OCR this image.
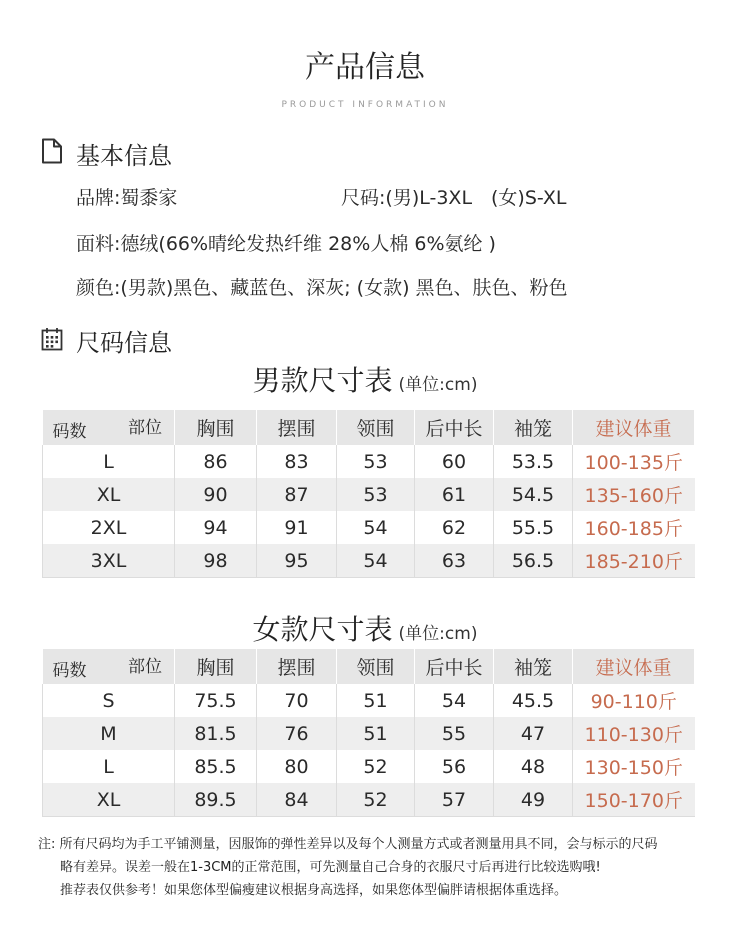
产品信息
PRODUCT INFORMATION
基本信息
品牌:蜀黍家	尺码:(男)L-3XL　(女)S-XL
面料:德绒(66%晴纶发热纤维 28%人棉 6%氨纶 )
颜色:(男款)黑色、藏蓝色、深灰; (女款) 黑色、肤色、粉色
尺码信息
男款尺寸表 (单位:cm)
部位
码数	胸围	摆围	领围	后中长	袖笼	建议体重
L	86	83	53	60	53.5	100-135斤
XL	90	87	53	61	54.5	135-160斤
2XL	94	91	54	62	55.5	160-185斤
3XL	98	95	54	63	56.5	185-210斤
女款尺寸表 (单位:cm)
部位
码数	胸围	摆围	领围	后中长	袖笼	建议体重
S	75.5	70	51	54	45.5	90-110斤
M	81.5	76	51	55	47	110-130斤
L	85.5	80	52	56	48	130-150斤
XL	89.5	84	52	57	49	150-170斤
注: 所有尺码均为手工平铺测量，因服饰的弹性差异以及每个人测量方式或者测量用具不同，会与标示的尺码
略有差异。误差一般在1-3CM的正常范围，可先测量自己合身的衣服尺寸后再进行比较选购哦!
推荐表仅供参考！如果您体型偏瘦建议根据身高选择，如果您体型偏胖请根据体重选择。
